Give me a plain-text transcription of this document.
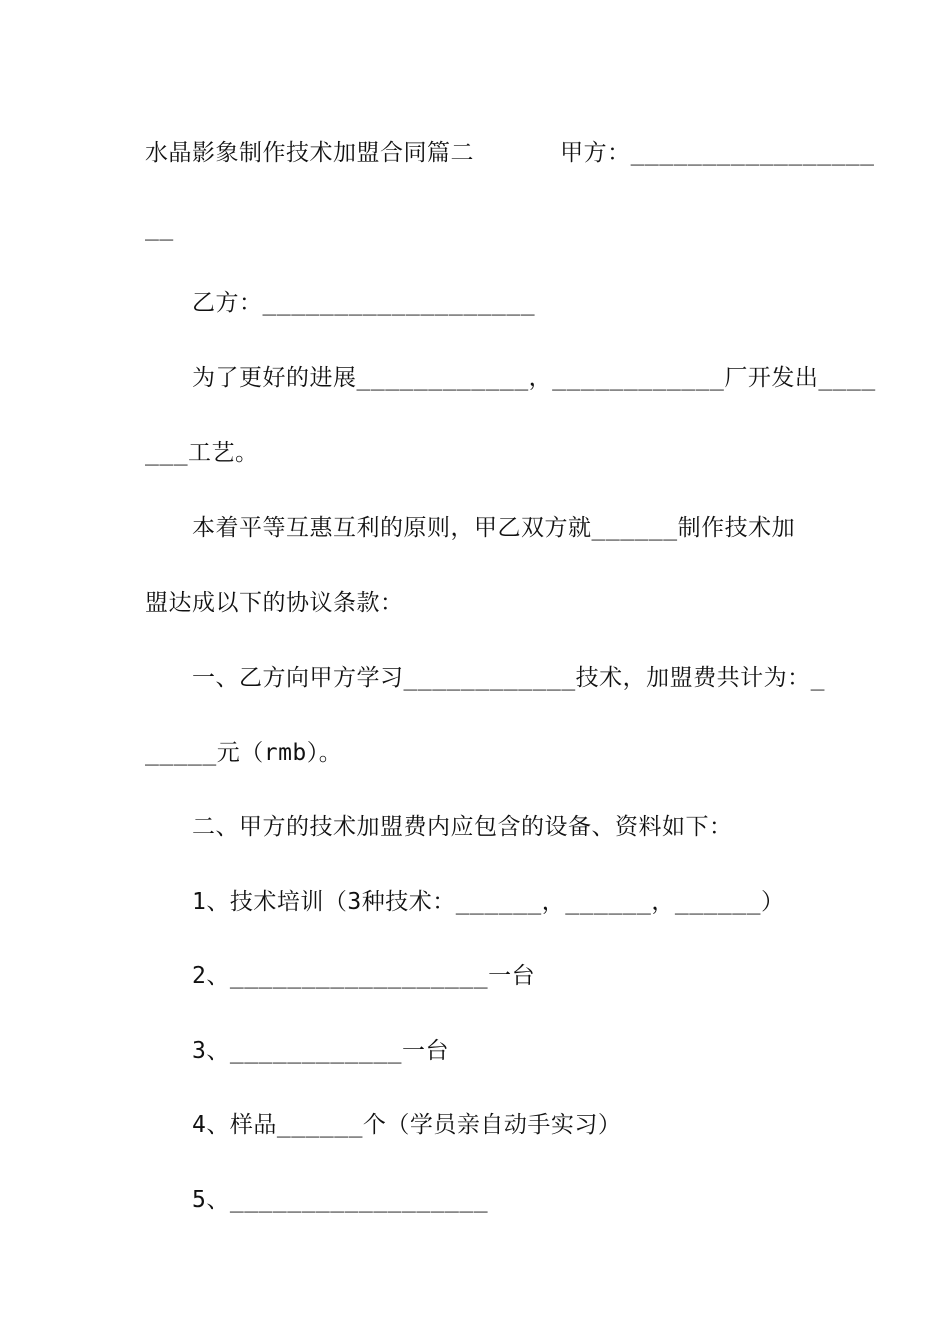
水晶影象制作技术加盟合同篇二      甲方：_________________
__
乙方：___________________
为了更好的进展____________，____________厂开发出____
___工艺。
本着平等互惠互利的原则，甲乙双方就______制作技术加
盟达成以下的协议条款：
一、乙方向甲方学习____________技术，加盟费共计为：_
_____元（rmb）。
二、甲方的技术加盟费内应包含的设备、资料如下：
1、技术培训（3种技术：______，______，______）
2、__________________一台
3、____________一台
4、样品______个（学员亲自动手实习）
5、__________________
